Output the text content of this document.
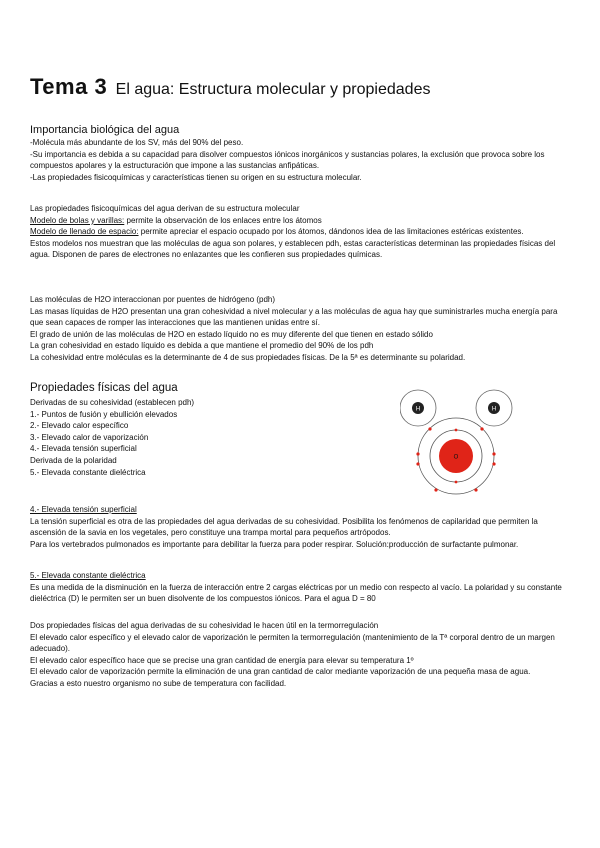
Tema 3 El agua: Estructura molecular y propiedades
Importancia biológica del agua
-Molécula más abundante de los SV, más del 90% del peso.
-Su importancia es debida a su capacidad para disolver compuestos iónicos inorgánicos y sustancias polares, la exclusión que provoca sobre los compuestos apolares y la estructuración que impone a las sustancias anfipáticas.
-Las propiedades fisicoquímicas y características tienen su origen en su estructura molecular.
Las propiedades fisicoquímicas del agua derivan de su estructura molecular
Modelo de bolas y varillas: permite la observación de los enlaces entre los átomos
Modelo de llenado de espacio: permite apreciar el espacio ocupado por los átomos, dándonos idea de las limitaciones estéricas existentes.
Estos modelos nos muestran que las moléculas de agua son polares, y establecen pdh, estas características determinan las propiedades físicas del agua. Disponen de pares de electrones no enlazantes que les confieren sus propiedades químicas.
Las moléculas de H2O interaccionan por puentes de hidrógeno (pdh)
Las masas líquidas de H2O presentan una gran cohesividad a nivel molecular y a las moléculas de agua hay que suministrarles mucha energía para que sean capaces de romper las interacciones que las mantienen unidas entre sí.
El grado de unión de las moléculas de H2O en estado líquido no es muy diferente del que tienen en estado sólido
La gran cohesividad en estado líquido es debida a que mantiene el promedio del 90% de los pdh
La cohesividad entre moléculas es la determinante de 4 de sus propiedades físicas. De la 5ª es determinante su polaridad.
Propiedades físicas del agua
Derivadas de su cohesividad (establecen pdh)
1.- Puntos de fusión y ebullición elevados
2.- Elevado calor específico
3.- Elevado calor de vaporización
4.- Elevada tensión superficial
Derivada de la polaridad
5.- Elevada constante dieléctrica
H	H
O
4.- Elevada tensión superficial
La tensión superficial es otra de las propiedades del agua derivadas de su cohesividad. Posibilita los fenómenos de capilaridad que permiten la ascensión de la savia en los vegetales, pero constituye una trampa mortal para pequeños artrópodos.
Para los vertebrados pulmonados es importante para debilitar la fuerza para poder respirar. Solución:producción de surfactante pulmonar.
5.- Elevada constante dieléctrica
Es una medida de la disminución en la fuerza de interacción entre 2 cargas eléctricas por un medio con respecto al vacío. La polaridad y su constante dieléctrica (D) le permiten ser un buen disolvente de los compuestos iónicos. Para el agua D = 80
Dos propiedades físicas del agua derivadas de su cohesividad le hacen útil en la termorregulación
El elevado calor específico y el elevado calor de vaporización le permiten la termorregulación (mantenimiento de la Tª corporal dentro de un margen adecuado).
El elevado calor específico hace que se precise una gran cantidad de energía para elevar su temperatura 1º
El elevado calor de vaporización permite la eliminación de una gran cantidad de calor mediante vaporización de una pequeña masa de agua.
Gracias a esto nuestro organismo no sube de temperatura con facilidad.
